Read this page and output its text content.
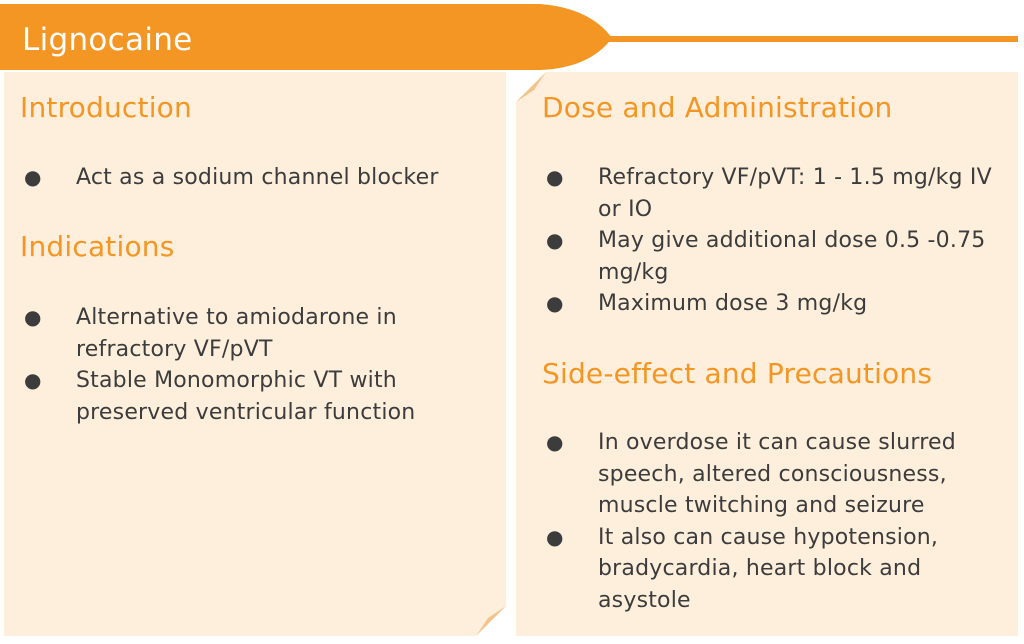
Lignocaine
Introduction
● Act as a sodium channel blocker
Indications
● Alternative to amiodarone in refractory VF/pVT
● Stable Monomorphic VT with preserved ventricular function
Dose and Administration
● Refractory VF/pVT: 1 - 1.5 mg/kg IV or IO
● May give additional dose 0.5 -0.75 mg/kg
● Maximum dose 3 mg/kg
Side-effect and Precautions
● In overdose it can cause slurred speech, altered consciousness, muscle twitching and seizure
● It also can cause hypotension, bradycardia, heart block and asystole
